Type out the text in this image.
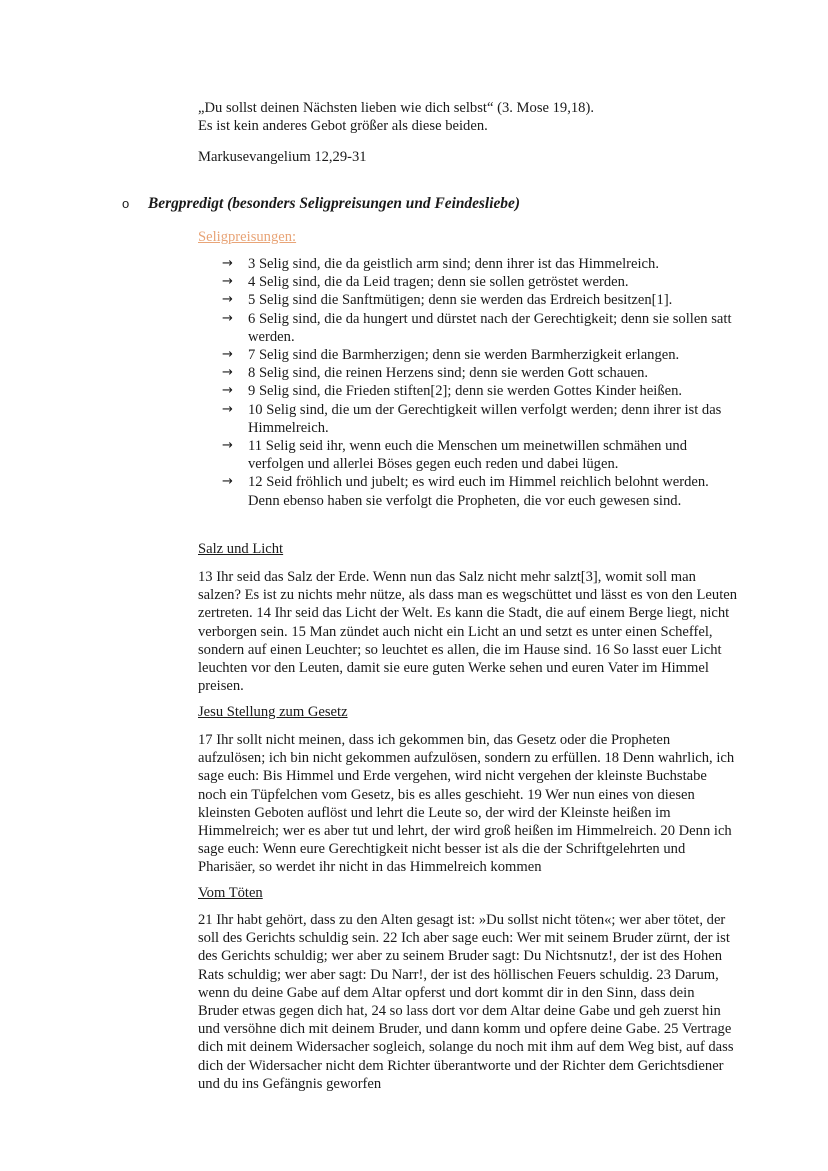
„Du sollst deinen Nächsten lieben wie dich selbst“ (3. Mose 19,18).

Es ist kein anderes Gebot größer als diese beiden.

Markusevangelium 12,29-31

o Bergpredigt (besonders Seligpreisungen und Feindesliebe)

Seligpreisungen:

→	3 Selig sind, die da geistlich arm sind; denn ihrer ist das Himmelreich.
→	4 Selig sind, die da Leid tragen; denn sie sollen getröstet werden.
→	5 Selig sind die Sanftmütigen; denn sie werden das Erdreich besitzen[1].
→	6 Selig sind, die da hungert und dürstet nach der Gerechtigkeit; denn sie sollen satt werden.
→	7 Selig sind die Barmherzigen; denn sie werden Barmherzigkeit erlangen.
→	8 Selig sind, die reinen Herzens sind; denn sie werden Gott schauen.
→	9 Selig sind, die Frieden stiften[2]; denn sie werden Gottes Kinder heißen.
→	10 Selig sind, die um der Gerechtigkeit willen verfolgt werden; denn ihrer ist das Himmelreich.
→	11 Selig seid ihr, wenn euch die Menschen um meinetwillen schmähen und verfolgen und allerlei Böses gegen euch reden und dabei lügen.
→	12 Seid fröhlich und jubelt; es wird euch im Himmel reichlich belohnt werden. Denn ebenso haben sie verfolgt die Propheten, die vor euch gewesen sind.

Salz und Licht

13 Ihr seid das Salz der Erde. Wenn nun das Salz nicht mehr salzt[3], womit soll man salzen? Es ist zu nichts mehr nütze, als dass man es wegschüttet und lässt es von den Leuten zertreten. 14 Ihr seid das Licht der Welt. Es kann die Stadt, die auf einem Berge liegt, nicht verborgen sein. 15 Man zündet auch nicht ein Licht an und setzt es unter einen Scheffel, sondern auf einen Leuchter; so leuchtet es allen, die im Hause sind. 16 So lasst euer Licht leuchten vor den Leuten, damit sie eure guten Werke sehen und euren Vater im Himmel preisen.

Jesu Stellung zum Gesetz

17 Ihr sollt nicht meinen, dass ich gekommen bin, das Gesetz oder die Propheten aufzulösen; ich bin nicht gekommen aufzulösen, sondern zu erfüllen. 18 Denn wahrlich, ich sage euch: Bis Himmel und Erde vergehen, wird nicht vergehen der kleinste Buchstabe noch ein Tüpfelchen vom Gesetz, bis es alles geschieht. 19 Wer nun eines von diesen kleinsten Geboten auflöst und lehrt die Leute so, der wird der Kleinste heißen im Himmelreich; wer es aber tut und lehrt, der wird groß heißen im Himmelreich. 20 Denn ich sage euch: Wenn eure Gerechtigkeit nicht besser ist als die der Schriftgelehrten und Pharisäer, so werdet ihr nicht in das Himmelreich kommen

Vom Töten

21 Ihr habt gehört, dass zu den Alten gesagt ist: »Du sollst nicht töten«; wer aber tötet, der soll des Gerichts schuldig sein. 22 Ich aber sage euch: Wer mit seinem Bruder zürnt, der ist des Gerichts schuldig; wer aber zu seinem Bruder sagt: Du Nichtsnutz!, der ist des Hohen Rats schuldig; wer aber sagt: Du Narr!, der ist des höllischen Feuers schuldig. 23 Darum, wenn du deine Gabe auf dem Altar opferst und dort kommt dir in den Sinn, dass dein Bruder etwas gegen dich hat, 24 so lass dort vor dem Altar deine Gabe und geh zuerst hin und versöhne dich mit deinem Bruder, und dann komm und opfere deine Gabe. 25 Vertrage dich mit deinem Widersacher sogleich, solange du noch mit ihm auf dem Weg bist, auf dass dich der Widersacher nicht dem Richter überantworte und der Richter dem Gerichtsdiener und du ins Gefängnis geworfen
